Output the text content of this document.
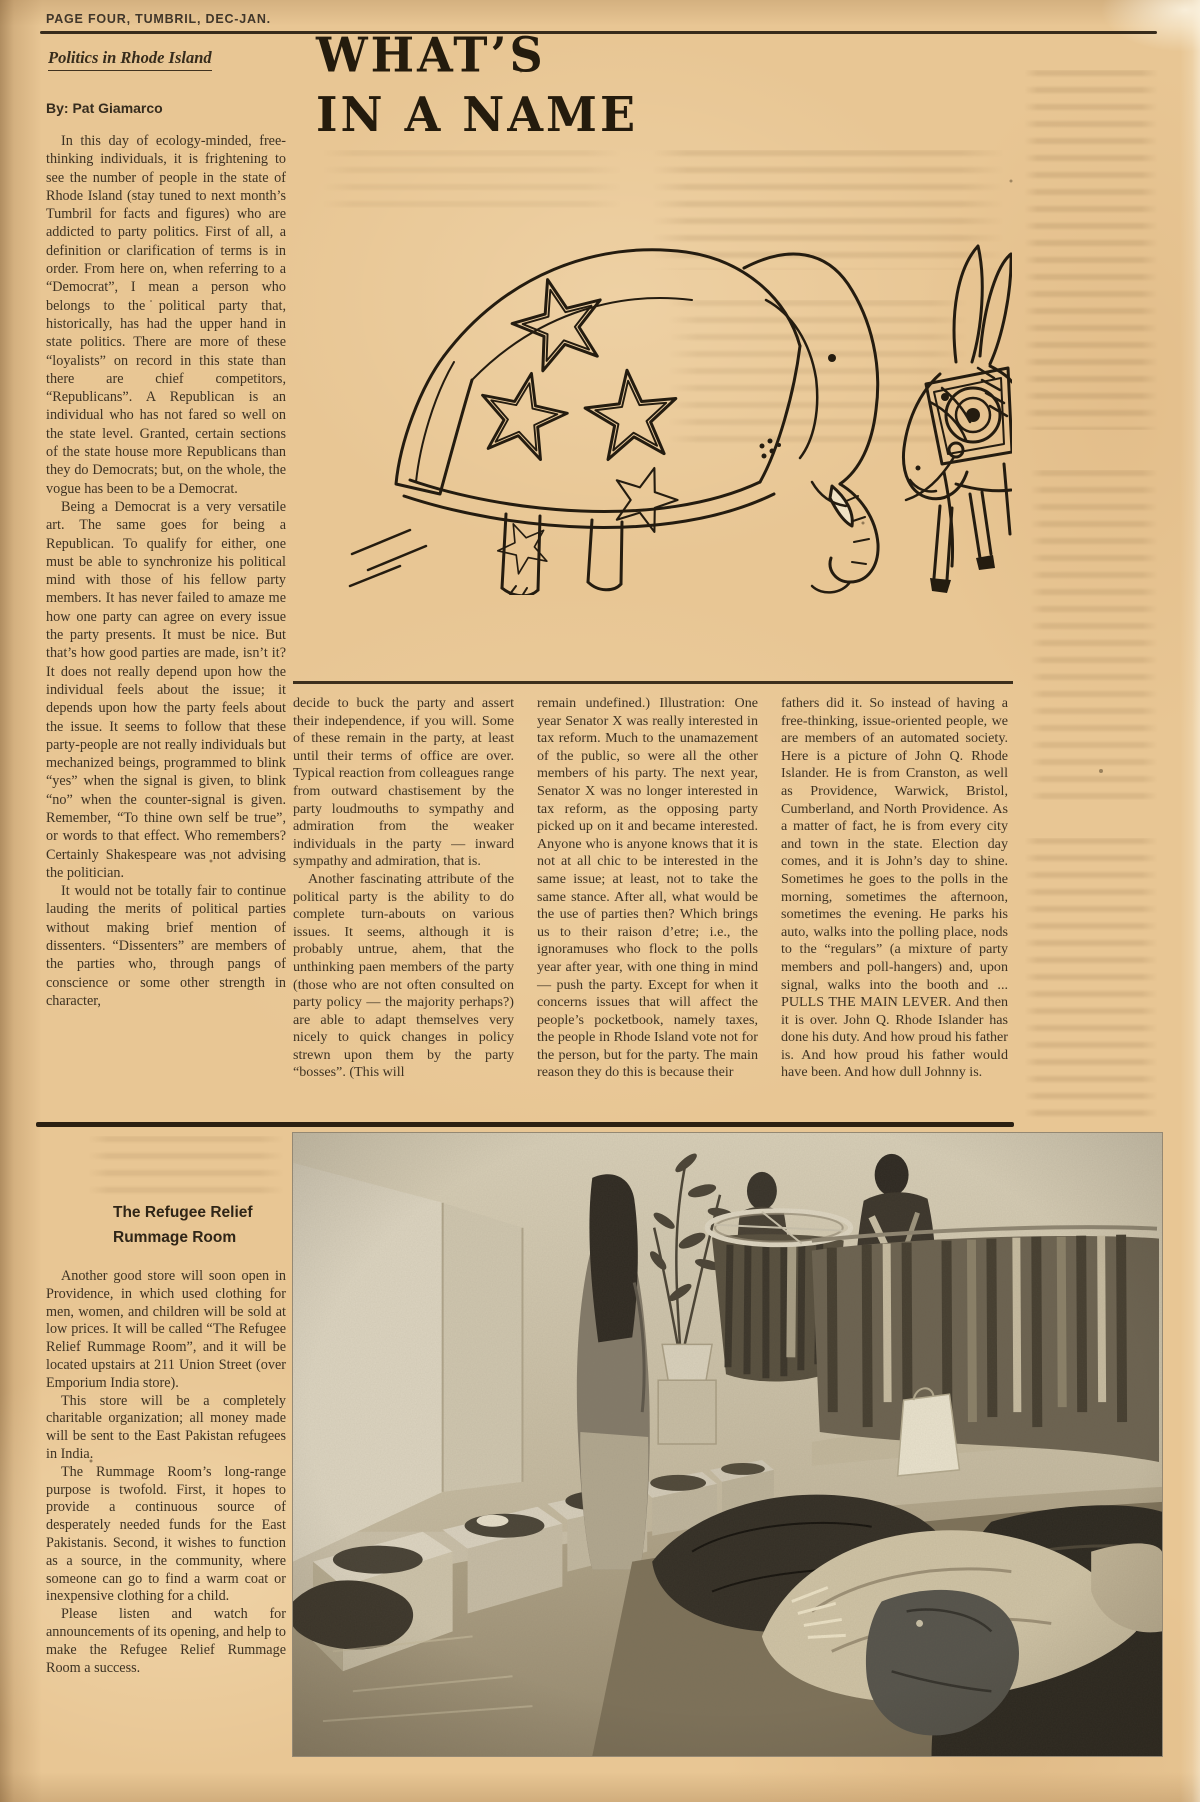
PAGE FOUR, TUMBRIL, DEC-JAN.
Politics in Rhode Island
By: Pat Giamarco
WHAT’S
IN A NAME

In this day of ecology-minded, free-thinking individuals, it is frightening to see the number of people in the state of Rhode Island (stay tuned to next month’s Tumbril for facts and figures) who are addicted to party politics. First of all, a definition or clarification of terms is in order. From here on, when referring to a “Democrat”, I mean a person who belongs to the political party that, historically, has had the upper hand in state politics. There are more of these “loyalists” on record in this state than there are chief competitors, “Republicans”. A Republican is an individual who has not fared so well on the state level. Granted, certain sections of the state house more Republicans than they do Democrats; but, on the whole, the vogue has been to be a Democrat.

Being a Democrat is a very versatile art. The same goes for being a Republican. To qualify for either, one must be able to synchronize his political mind with those of his fellow party members. It has never failed to amaze me how one party can agree on every issue the party presents. It must be nice. But that’s how good parties are made, isn’t it? It does not really depend upon how the individual feels about the issue; it depends upon how the party feels about the issue. It seems to follow that these party-people are not really individuals but mechanized beings, programmed to blink “yes” when the signal is given, to blink “no” when the counter-signal is given. Remember, “To thine own self be true”, or words to that effect. Who remembers? Certainly Shakespeare was not advising the politician.

It would not be totally fair to continue lauding the merits of political parties without making brief mention of dissenters. “Dissenters” are members of the parties who, through pangs of conscience or some other strength in character,

decide to buck the party and assert their independence, if you will. Some of these remain in the party, at least until their terms of office are over. Typical reaction from colleagues range from outward chastisement by the party loudmouths to sympathy and admiration from the weaker individuals in the party — inward sympathy and admiration, that is.

Another fascinating attribute of the political party is the ability to do complete turn-abouts on various issues. It seems, although it is probably untrue, ahem, that the unthinking paen members of the party (those who are not often consulted on party policy — the majority perhaps?) are able to adapt themselves very nicely to quick changes in policy strewn upon them by the party “bosses”. (This will

remain undefined.) Illustration: One year Senator X was really interested in tax reform. Much to the unamazement of the public, so were all the other members of his party. The next year, Senator X was no longer interested in tax reform, as the opposing party picked up on it and became interested. Anyone who is anyone knows that it is not at all chic to be interested in the same issue; at least, not to take the same stance. After all, what would be the use of parties then? Which brings us to their raison d’etre; i.e., the ignoramuses who flock to the polls year after year, with one thing in mind — push the party. Except for when it concerns issues that will affect the people’s pocketbook, namely taxes, the people in Rhode Island vote not for the person, but for the party. The main reason they do this is because their

fathers did it. So instead of having a free-thinking, issue-oriented people, we are members of an automated society. Here is a picture of John Q. Rhode Islander. He is from Cranston, as well as Providence, Warwick, Bristol, Cumberland, and North Providence. As a matter of fact, he is from every city and town in the state. Election day comes, and it is John’s day to shine. Sometimes he goes to the polls in the morning, sometimes the afternoon, sometimes the evening. He parks his auto, walks into the polling place, nods to the “regulars” (a mixture of party members and poll-hangers) and, upon signal, walks into the booth and ... PULLS THE MAIN LEVER. And then it is over. John Q. Rhode Islander has done his duty. And how proud his father is. And how proud his father would have been. And how dull Johnny is.

The Refugee Relief
Rummage Room

Another good store will soon open in Providence, in which used clothing for men, women, and children will be sold at low prices. It will be called “The Refugee Relief Rummage Room”, and it will be located upstairs at 211 Union Street (over Emporium India store).

This store will be a completely charitable organization; all money made will be sent to the East Pakistan refugees in India.

The Rummage Room’s long-range purpose is twofold. First, it hopes to provide a continuous source of desperately needed funds for the East Pakistanis. Second, it wishes to function as a source, in the community, where someone can go to find a warm coat or inexpensive clothing for a child.

Please listen and watch for announcements of its opening, and help to make the Refugee Relief Rummage Room a success.
